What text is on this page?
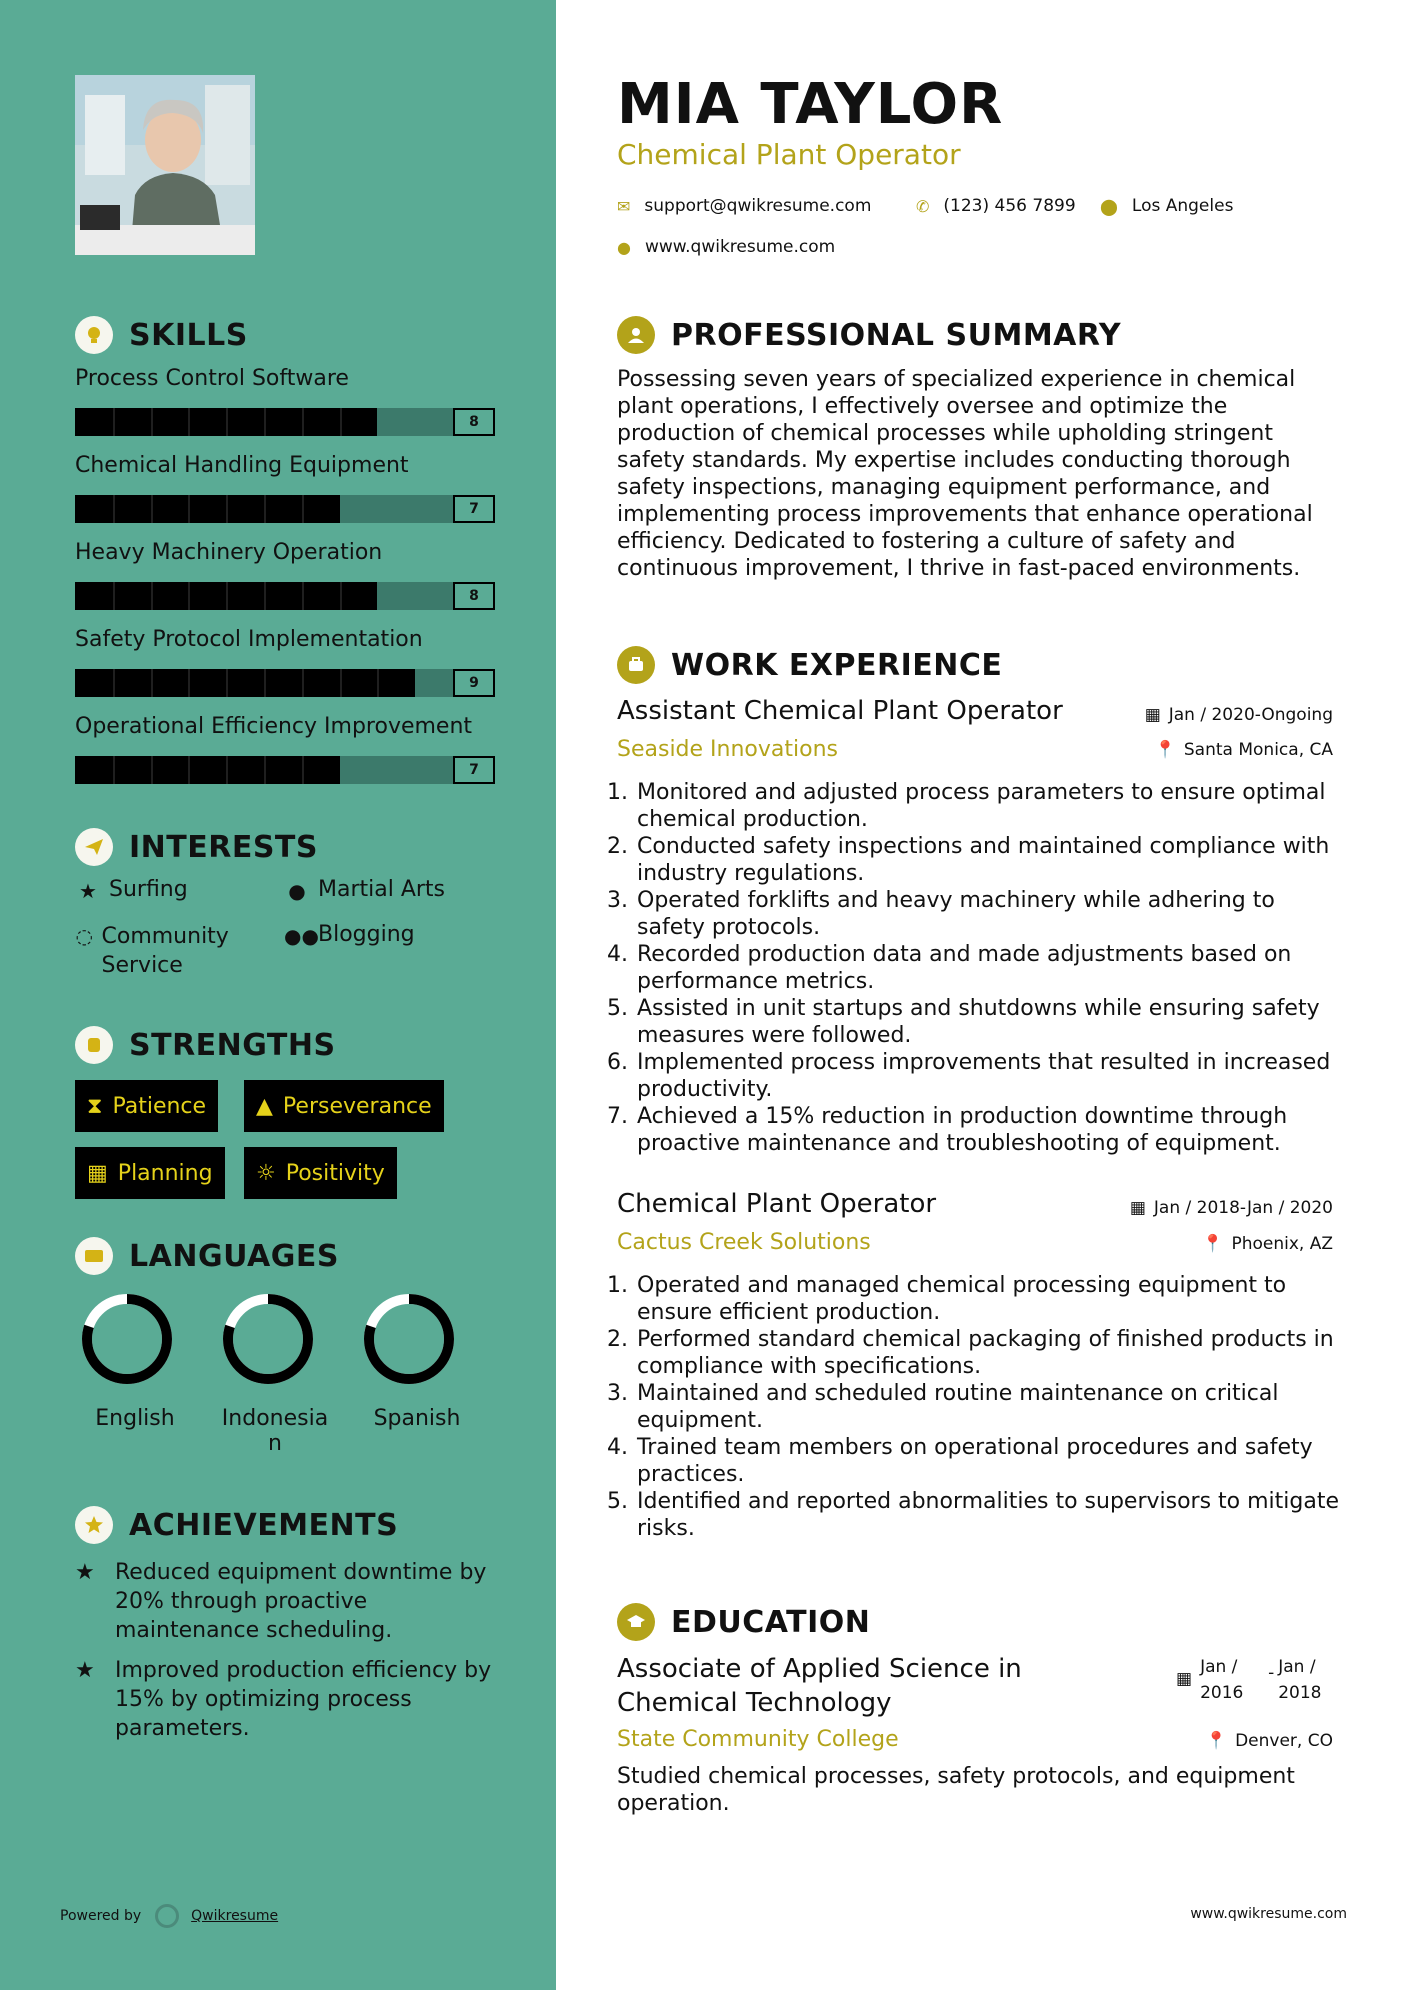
SKILLS
Process Control Software
8
Chemical Handling Equipment
7
Heavy Machinery Operation
8
Safety Protocol Implementation
9
Operational Efficiency Improvement
7
INTERESTS
★ Surfing	● Martial Arts
◌ Community Service
●● Blogging
STRENGTHS
⧗ Patience ▲ Perseverance
▦ Planning ☼ Positivity
LANGUAGES
English	Indonesian
Spanish
ACHIEVEMENTS
★ Reduced equipment downtime by 20% through proactive maintenance scheduling.
★ Improved production efficiency by 15% by optimizing process parameters.
Powered by	Qwikresume
MIA TAYLOR
Chemical Plant Operator
✉ support@qwikresume.com	✆ (123) 456 7899 ⬤ Los Angeles
● www.qwikresume.com
PROFESSIONAL SUMMARY
Possessing seven years of specialized experience in chemical plant operations, I effectively oversee and optimize the production of chemical processes while upholding stringent safety standards. My expertise includes conducting thorough safety inspections, managing equipment performance, and implementing process improvements that enhance operational efficiency. Dedicated to fostering a culture of safety and continuous improvement, I thrive in fast-paced environments.
WORK EXPERIENCE
Assistant Chemical Plant Operator	▦ Jan / 2020-Ongoing
Seaside Innovations	📍 Santa Monica, CA
1. Monitored and adjusted process parameters to ensure optimal chemical production.
2. Conducted safety inspections and maintained compliance with industry regulations.
3. Operated forklifts and heavy machinery while adhering to safety protocols.
4. Recorded production data and made adjustments based on performance metrics.
5. Assisted in unit startups and shutdowns while ensuring safety measures were followed.
6. Implemented process improvements that resulted in increased productivity.
7. Achieved a 15% reduction in production downtime through proactive maintenance and troubleshooting of equipment.
Chemical Plant Operator	▦ Jan / 2018-Jan / 2020
Cactus Creek Solutions	📍 Phoenix, AZ
1. Operated and managed chemical processing equipment to ensure efficient production.
2. Performed standard chemical packaging of finished products in compliance with specifications.
3. Maintained and scheduled routine maintenance on critical equipment.
4. Trained team members on operational procedures and safety practices.
5. Identified and reported abnormalities to supervisors to mitigate risks.
EDUCATION
Associate of Applied Science in
Chemical Technology
▦
Jan / 2016
- Jan / 2018
State Community College	📍 Denver, CO
Studied chemical processes, safety protocols, and equipment operation.
www.qwikresume.com
